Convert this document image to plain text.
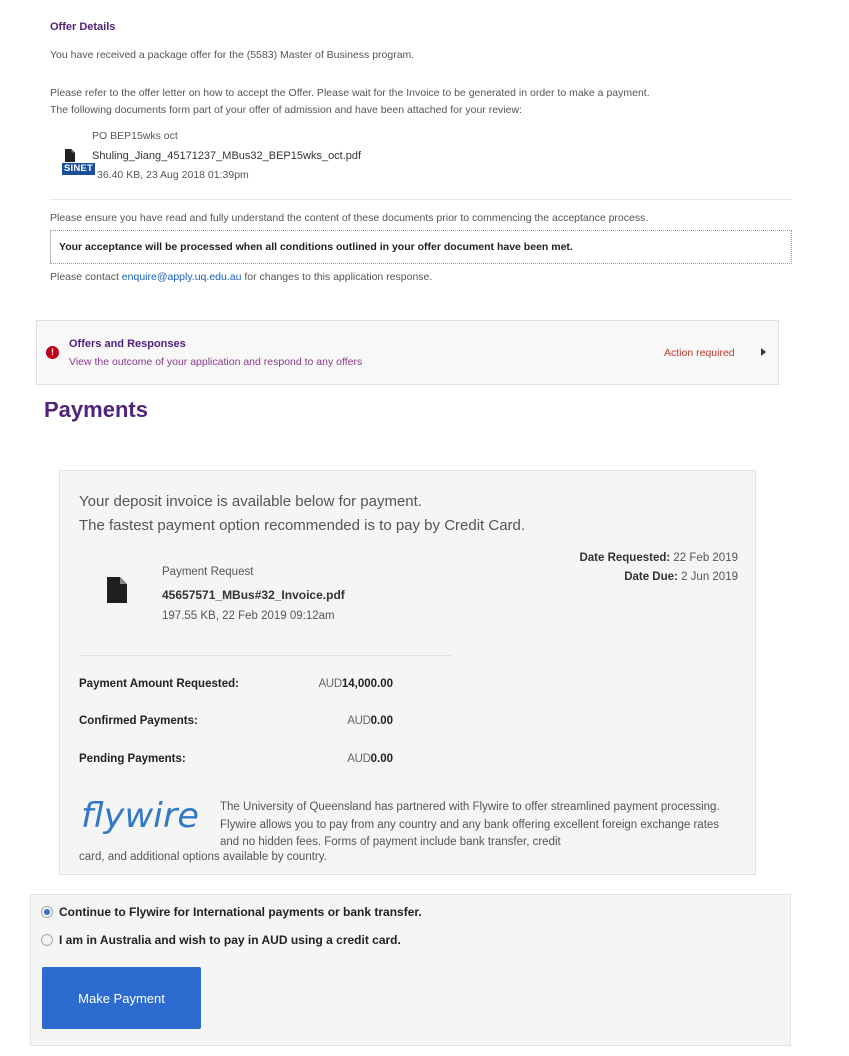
Offer Details
You have received a package offer for the (5583) Master of Business program.
Please refer to the offer letter on how to accept the Offer. Please wait for the Invoice to be generated in order to make a payment.
The following documents form part of your offer of admission and have been attached for your review:
SINET
PO BEP15wks oct
Shuling_Jiang_45171237_MBus32_BEP15wks_oct.pdf
36.40 KB, 23 Aug 2018 01:39pm
Please ensure you have read and fully understand the content of these documents prior to commencing the acceptance process.
Your acceptance will be processed when all conditions outlined in your offer document have been met.
Please contact enquire@apply.uq.edu.au for changes to this application response.
!
Offers and Responses
View the outcome of your application and respond to any offers
Action required
Payments
Your deposit invoice is available below for payment.
The fastest payment option recommended is to pay by Credit Card.
Payment Request
45657571_MBus#32_Invoice.pdf
197.55 KB, 22 Feb 2019 09:12am
Date Requested: 22 Feb 2019
Date Due: 2 Jun 2019
Payment Amount Requested:	AUD14,000.00
Confirmed Payments:	AUD0.00
Pending Payments:	AUD0.00
flywire The University of Queensland has partnered with Flywire to offer streamlined payment processing. Flywire allows you to pay from any country and any bank offering excellent foreign exchange rates and no hidden fees. Forms of payment include bank transfer, credit
card, and additional options available by country.
Continue to Flywire for International payments or bank transfer.
I am in Australia and wish to pay in AUD using a credit card.
Make Payment
